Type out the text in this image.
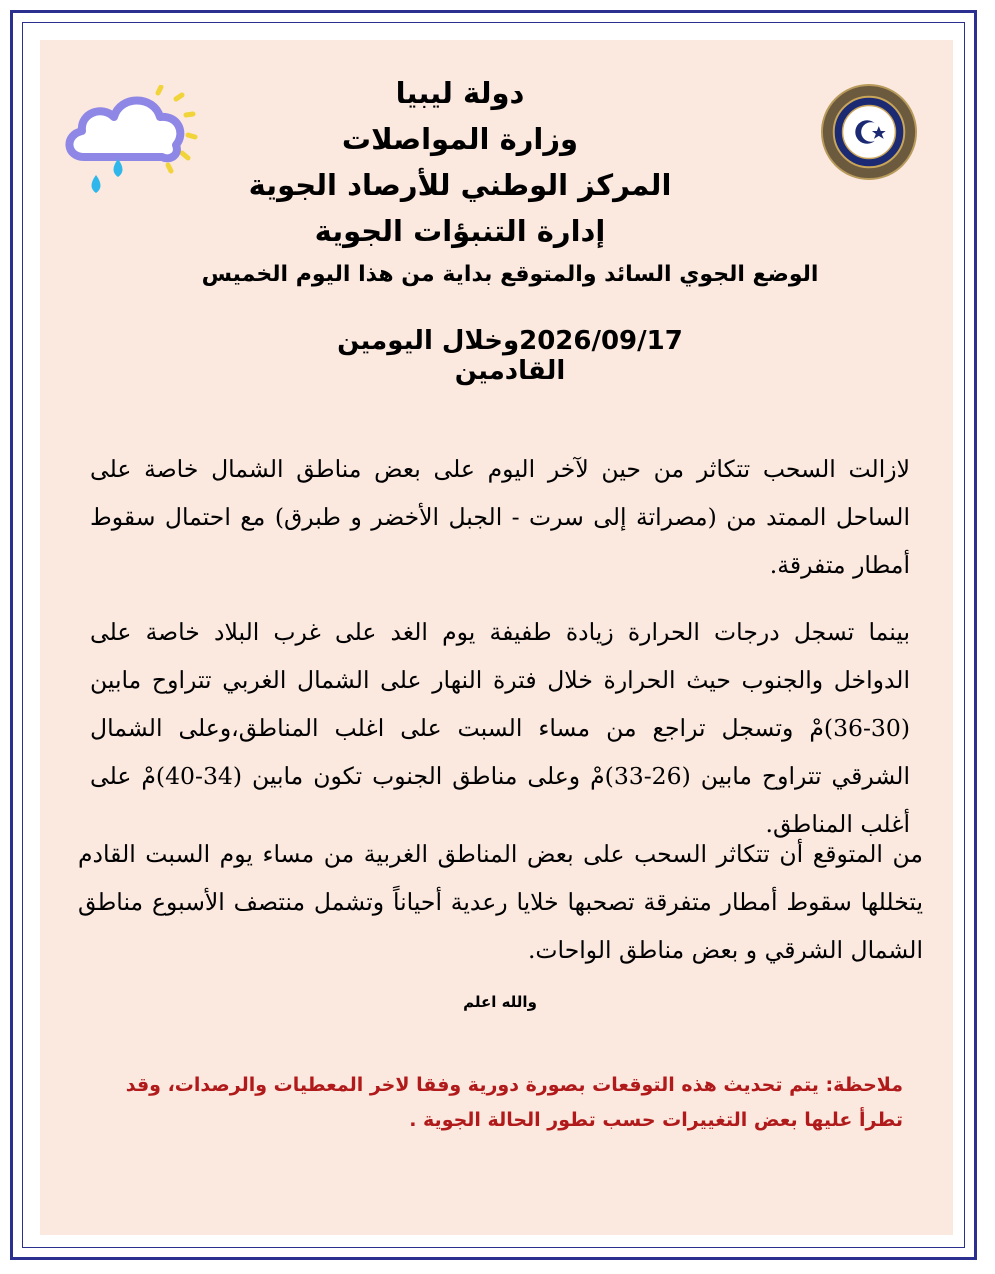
دولة ليبيا
وزارة المواصلات
المركز الوطني للأرصاد الجوية
إدارة التنبؤات الجوية
الوضع الجوي السائد والمتوقع بداية من هذا اليوم الخميس
2026/09/17وخلال اليومين القادمين
لازالت السحب تتكاثر من حين لآخر اليوم على بعض مناطق الشمال خاصة على الساحل الممتد من (مصراتة إلى سرت - الجبل الأخضر و طبرق) مع احتمال سقوط أمطار متفرقة.
بينما تسجل درجات الحرارة زيادة طفيفة يوم الغد على غرب البلاد خاصة على الدواخل والجنوب حيث الحرارة خلال فترة النهار على الشمال الغربي تتراوح مابين (30-36)مْ وتسجل تراجع من مساء السبت على اغلب المناطق،وعلى الشمال الشرقي تتراوح مابين (26-33)مْ وعلى مناطق الجنوب تكون مابين (34-40)مْ على أغلب المناطق.
من المتوقع أن تتكاثر السحب على بعض المناطق الغربية من مساء يوم السبت القادم يتخللها سقوط أمطار متفرقة تصحبها خلايا رعدية أحياناً وتشمل منتصف الأسبوع مناطق الشمال الشرقي و بعض مناطق الواحات.
والله اعلم
ملاحظة: يتم تحديث هذه التوقعات بصورة دورية وفقا لاخر المعطيات والرصدات، وقد تطرأ عليها بعض التغييرات حسب تطور الحالة الجوية .
